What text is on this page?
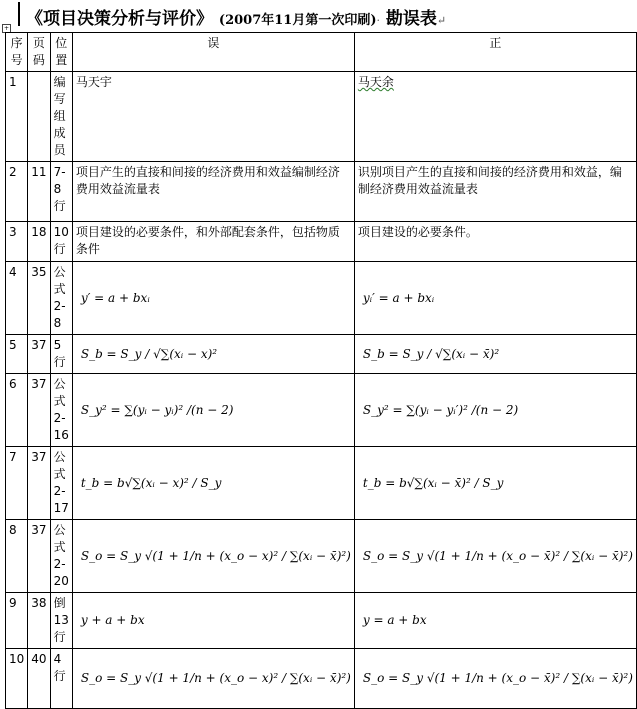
+ 《项目决策分析与评价》 (2007年11月第一次印刷)· 勘误表↵
序号	页码	位置	误	正
1		编写组成员	马天宇	马天余
2	11	7-8 行	项目产生的直接和间接的经济费用和效益编制经济费用效益流量表	识别项目产生的直接和间接的经济费用和效益，编制经济费用效益流量表
3	18	10 行	项目建设的必要条件，和外部配套条件，包括物质条件	项目建设的必要条件。
4	35	公式 2-8	y′ = a + bxᵢ	yᵢ′ = a + bxᵢ
5	37	5 行	S_b = S_y / √∑(xᵢ − x)²	S_b = S_y / √∑(xᵢ − x̄)²
6	37	公式 2-16	S_y² = ∑(yᵢ − yᵢ)² /(n − 2)	S_y² = ∑(yᵢ − yᵢ′)² /(n − 2)
7	37	公式 2-17	t_b = b√∑(xᵢ − x)² / S_y	t_b = b√∑(xᵢ − x̄)² / S_y
8	37	公式 2-20	S_o = S_y √(1 + 1/n + (x_o − x)² / ∑(xᵢ − x̄)²)	S_o = S_y √(1 + 1/n + (x_o − x̄)² / ∑(xᵢ − x̄)²)
9	38	倒 13 行	y + a + bx	y = a + bx
10	40	4 行	S_o = S_y √(1 + 1/n + (x_o − x)² / ∑(xᵢ − x̄)²)	S_o = S_y √(1 + 1/n + (x_o − x̄)² / ∑(xᵢ − x̄)²)
